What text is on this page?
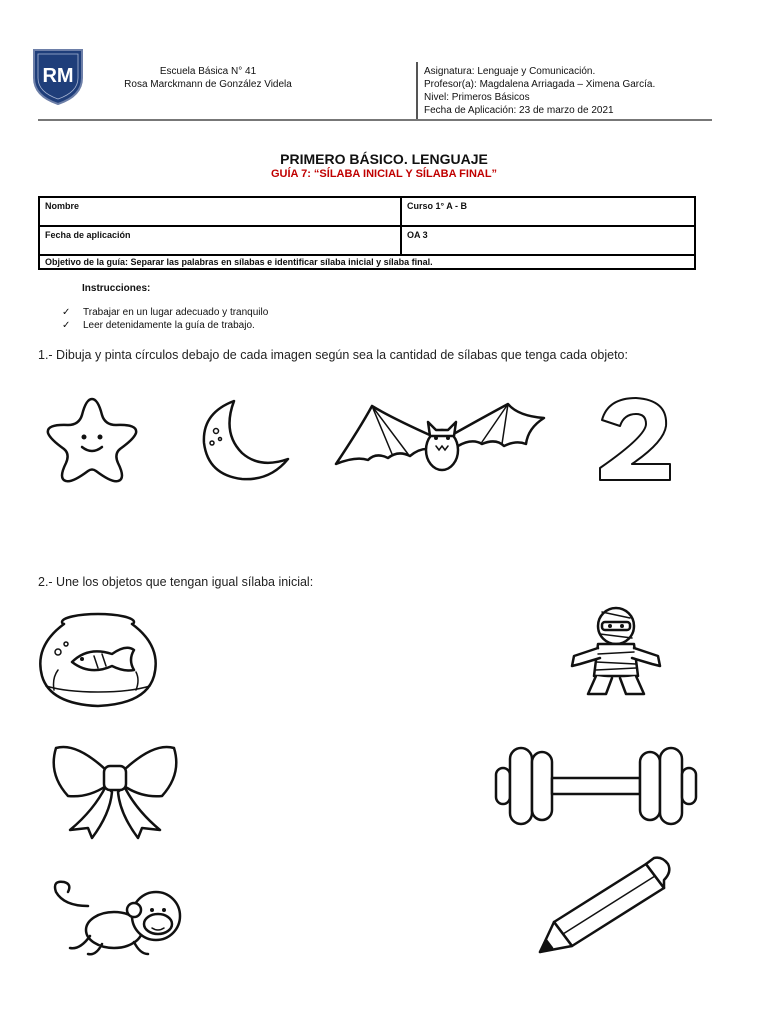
RM	Escuela Básica N° 41
Rosa Marckmann de González Videla
Asignatura: Lenguaje y Comunicación.
Profesor(a): Magdalena Arriagada – Ximena García.
Nivel: Primeros Básicos
Fecha de Aplicación: 23 de marzo de 2021
PRIMERO BÁSICO. LENGUAJE
GUÍA 7: “SÍLABA INICIAL Y SÍLABA FINAL”
Nombre	Curso 1° A - B
Fecha de aplicación	OA 3
Objetivo de la guía: Separar las palabras en sílabas e identificar sílaba inicial y sílaba final.	
Instrucciones:
✓ Trabajar en un lugar adecuado y tranquilo
✓ Leer detenidamente la guía de trabajo.
1.- Dibuja y pinta círculos debajo de cada imagen según sea la cantidad de sílabas que tenga cada objeto:
2.- Une los objetos que tengan igual sílaba inicial:
